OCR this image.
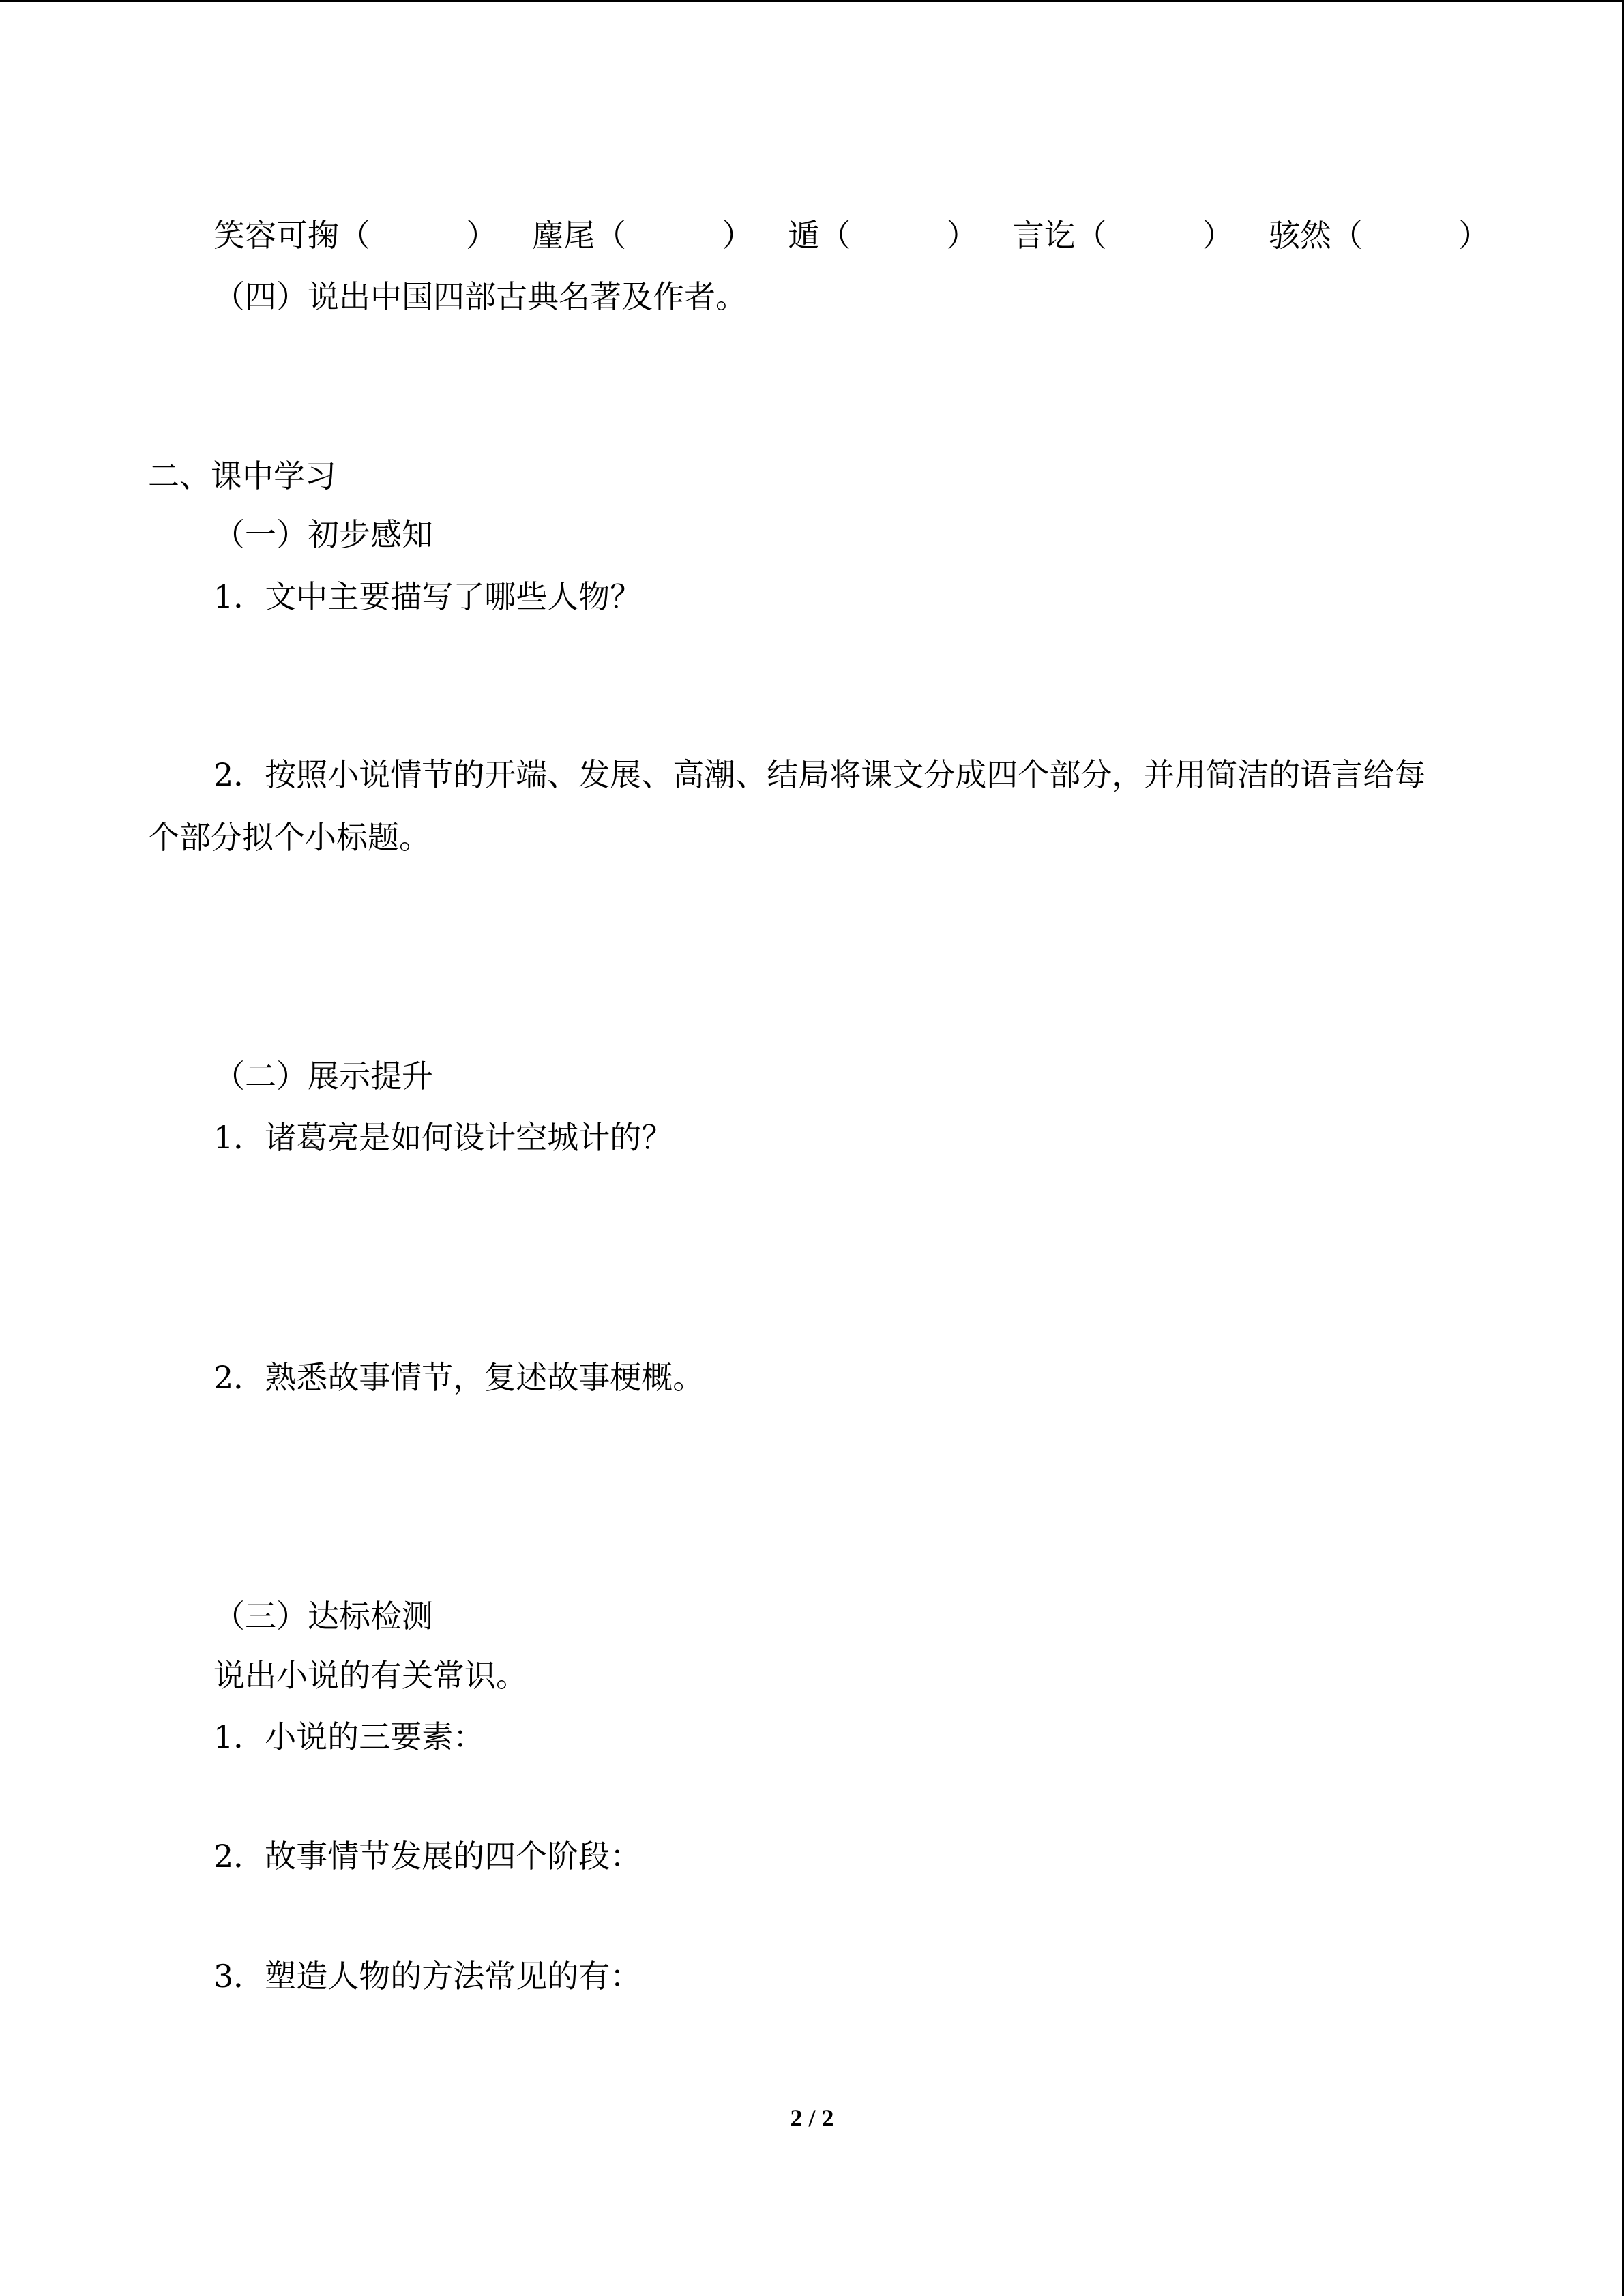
笑容可掬（	） 麈尾（	） 遁（	） 言讫（	） 骇然（	）
（四）说出中国四部古典名著及作者。
二、课中学习
（一）初步感知
1．文中主要描写了哪些人物？
2．按照小说情节的开端、发展、高潮、结局将课文分成四个部分，并用简洁的语言给每
个部分拟个小标题。
（二）展示提升
1．诸葛亮是如何设计空城计的？
2．熟悉故事情节，复述故事梗概。
（三）达标检测
说出小说的有关常识。
1．小说的三要素：
2．故事情节发展的四个阶段：
3．塑造人物的方法常见的有：
2 / 2
